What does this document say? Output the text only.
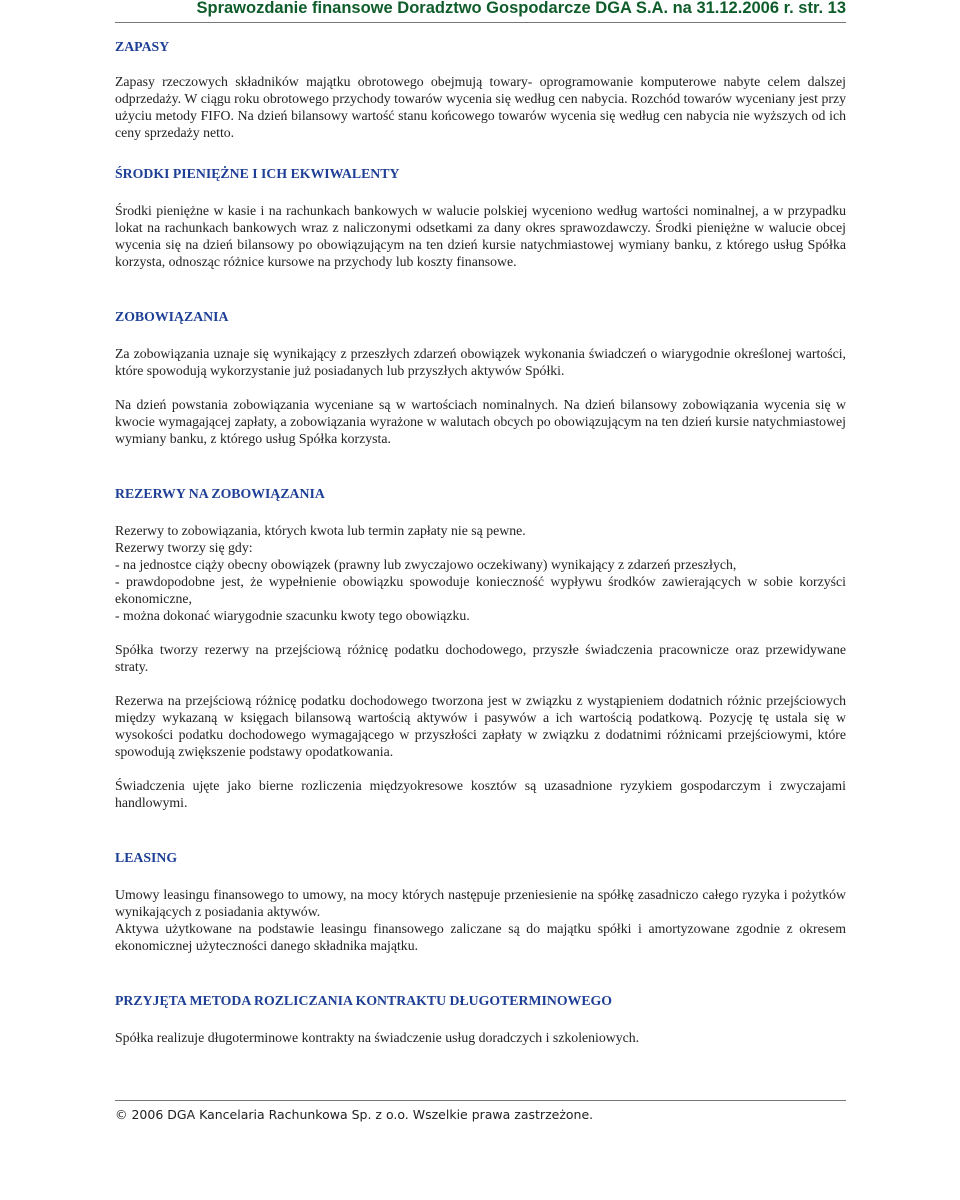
Sprawozdanie finansowe Doradztwo Gospodarcze DGA S.A. na 31.12.2006 r. str. 13
ZAPASY

Zapasy rzeczowych składników majątku obrotowego obejmują towary- oprogramowanie komputerowe nabyte celem dalszej odprzedaży. W ciągu roku obrotowego przychody towarów wycenia się według cen nabycia. Rozchód towarów wyceniany jest przy użyciu metody FIFO. Na dzień bilansowy wartość stanu końcowego towarów wycenia się według cen nabycia nie wyższych od ich ceny sprzedaży netto.

ŚRODKI PIENIĘŻNE I ICH EKWIWALENTY

Środki pieniężne w kasie i na rachunkach bankowych w walucie polskiej wyceniono według wartości nominalnej, a w przypadku lokat na rachunkach bankowych wraz z naliczonymi odsetkami za dany okres sprawozdawczy. Środki pieniężne w walucie obcej wycenia się na dzień bilansowy po obowiązującym na ten dzień kursie natychmiastowej wymiany banku, z którego usług Spółka korzysta, odnosząc różnice kursowe na przychody lub koszty finansowe.

ZOBOWIĄZANIA

Za zobowiązania uznaje się wynikający z przeszłych zdarzeń obowiązek wykonania świadczeń o wiarygodnie określonej wartości, które spowodują wykorzystanie już posiadanych lub przyszłych aktywów Spółki.

Na dzień powstania zobowiązania wyceniane są w wartościach nominalnych. Na dzień bilansowy zobowiązania wycenia się w kwocie wymagającej zapłaty, a zobowiązania wyrażone w walutach obcych po obowiązującym na ten dzień kursie natychmiastowej wymiany banku, z którego usług Spółka korzysta.

REZERWY NA ZOBOWIĄZANIA

Rezerwy to zobowiązania, których kwota lub termin zapłaty nie są pewne.

Rezerwy tworzy się gdy:

- na jednostce ciąży obecny obowiązek (prawny lub zwyczajowo oczekiwany) wynikający z zdarzeń przeszłych,

- prawdopodobne jest, że wypełnienie obowiązku spowoduje konieczność wypływu środków zawierających w sobie korzyści ekonomiczne,

- można dokonać wiarygodnie szacunku kwoty tego obowiązku.

Spółka tworzy rezerwy na przejściową różnicę podatku dochodowego, przyszłe świadczenia pracownicze oraz przewidywane straty.

Rezerwa na przejściową różnicę podatku dochodowego tworzona jest w związku z wystąpieniem dodatnich różnic przejściowych między wykazaną w księgach bilansową wartością aktywów i pasywów a ich wartością podatkową. Pozycję tę ustala się w wysokości podatku dochodowego wymagającego w przyszłości zapłaty w związku z dodatnimi różnicami przejściowymi, które spowodują zwiększenie podstawy opodatkowania.

Świadczenia ujęte jako bierne rozliczenia międzyokresowe kosztów są uzasadnione ryzykiem gospodarczym i zwyczajami handlowymi.

LEASING

Umowy leasingu finansowego to umowy, na mocy których następuje przeniesienie na spółkę zasadniczo całego ryzyka i pożytków wynikających z posiadania aktywów.

Aktywa użytkowane na podstawie leasingu finansowego zaliczane są do majątku spółki i amortyzowane zgodnie z okresem ekonomicznej użyteczności danego składnika majątku.

PRZYJĘTA METODA ROZLICZANIA KONTRAKTU DŁUGOTERMINOWEGO

Spółka realizuje długoterminowe kontrakty na świadczenie usług doradczych i szkoleniowych.

© 2006 DGA Kancelaria Rachunkowa Sp. z o.o. Wszelkie prawa zastrzeżone.
